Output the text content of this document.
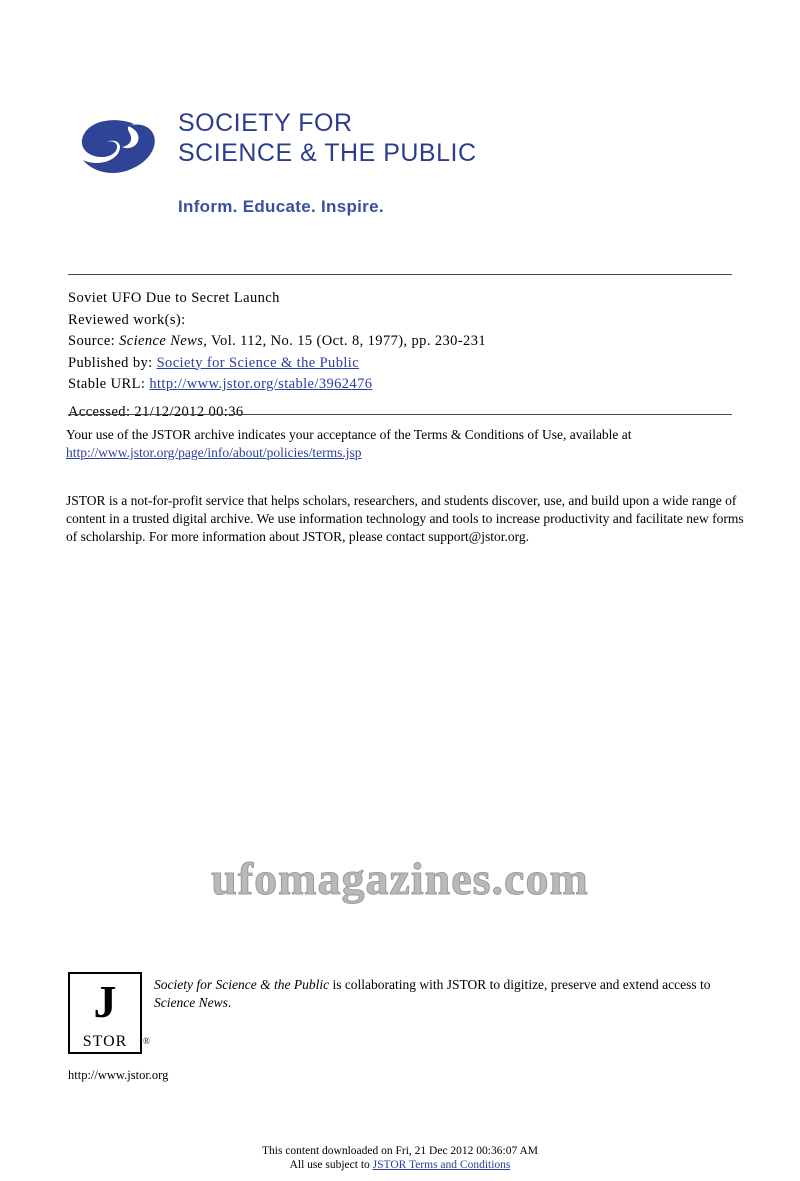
SOCIETY FOR
SCIENCE & THE PUBLIC
Inform. Educate. Inspire.
Soviet UFO Due to Secret Launch
Reviewed work(s):
Source: Science News, Vol. 112, No. 15 (Oct. 8, 1977), pp. 230-231
Published by: Society for Science & the Public
Stable URL: http://www.jstor.org/stable/3962476
Accessed: 21/12/2012 00:36

Your use of the JSTOR archive indicates your acceptance of the Terms & Conditions of Use, available at
http://www.jstor.org/page/info/about/policies/terms.jsp

JSTOR is a not-for-profit service that helps scholars, researchers, and students discover, use, and build upon a wide range of
content in a trusted digital archive. We use information technology and tools to increase productivity and facilitate new forms
of scholarship. For more information about JSTOR, please contact support@jstor.org.

ufomagazines.com
J
STOR	®
http://www.jstor.org
Society for Science & the Public is collaborating with JSTOR to digitize, preserve and extend access to Science News.
This content downloaded on Fri, 21 Dec 2012 00:36:07 AM
All use subject to JSTOR Terms and Conditions
